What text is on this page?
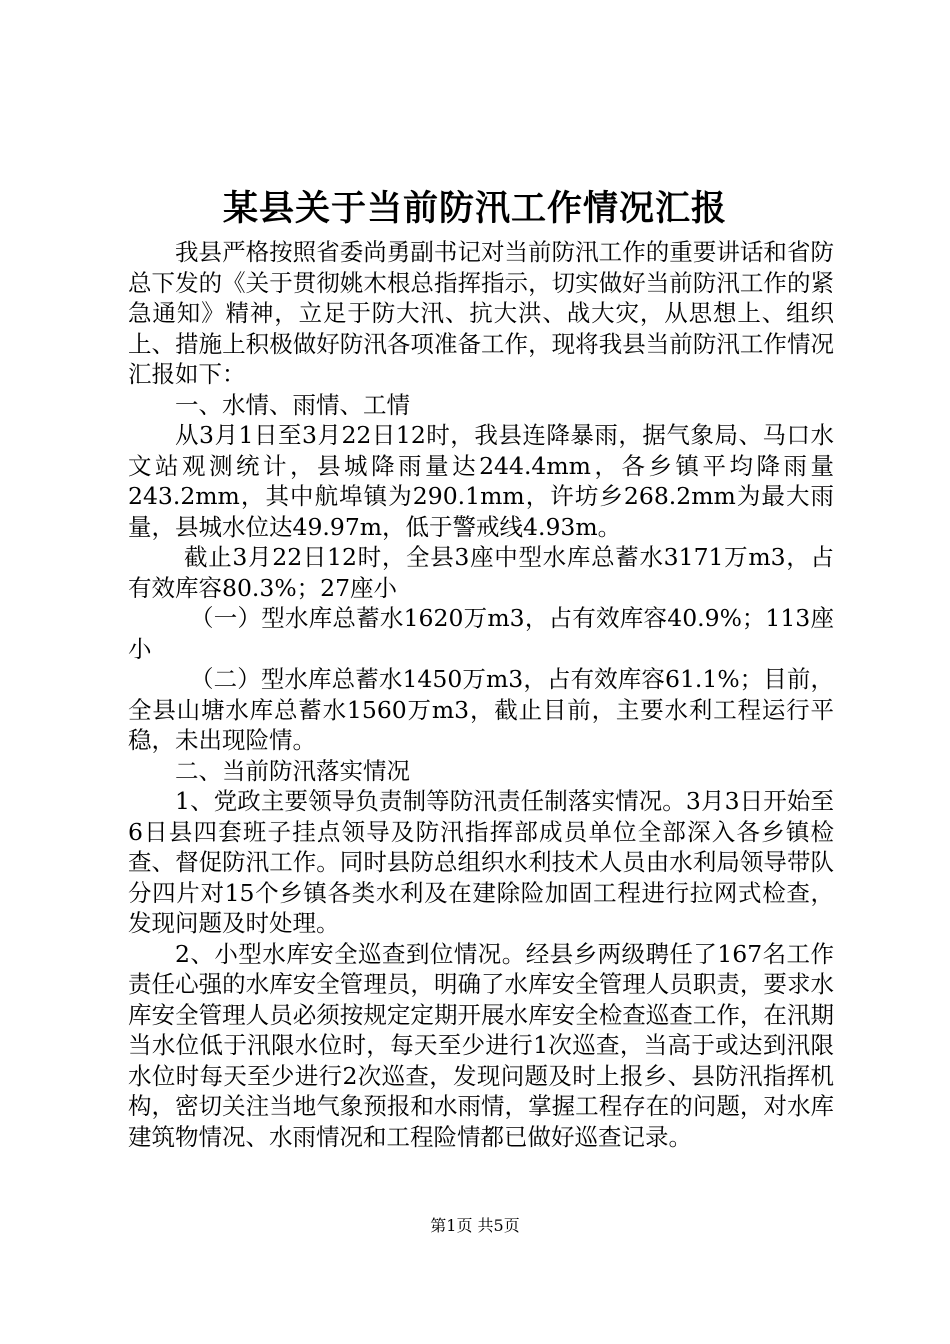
某县关于当前防汛工作情况汇报

我县严格按照省委尚勇副书记对当前防汛工作的重要讲话和省防总下发的《关于贯彻姚木根总指挥指示，切实做好当前防汛工作的紧急通知》精神，立足于防大汛、抗大洪、战大灾，从思想上、组织上、措施上积极做好防汛各项准备工作，现将我县当前防汛工作情况汇报如下：

一、水情、雨情、工情

从3月1日至3月22日12时，我县连降暴雨，据气象局、马口水文站观测统计，县城降雨量达244.4mm，各乡镇平均降雨量243.2mm，其中航埠镇为290.1mm，许坊乡268.2mm为最大雨量，县城水位达49.97m，低于警戒线4.93m。

截止3月22日12时，全县3座中型水库总蓄水3171万m3，占有效库容80.3%；27座小

（一）型水库总蓄水1620万m3，占有效库容40.9%；113座小

（二）型水库总蓄水1450万m3，占有效库容61.1%；目前，全县山塘水库总蓄水1560万m3，截止目前，主要水利工程运行平稳，未出现险情。

二、当前防汛落实情况

1、党政主要领导负责制等防汛责任制落实情况。3月3日开始至6日县四套班子挂点领导及防汛指挥部成员单位全部深入各乡镇检查、督促防汛工作。同时县防总组织水利技术人员由水利局领导带队分四片对15个乡镇各类水利及在建除险加固工程进行拉网式检查，发现问题及时处理。

2、小型水库安全巡查到位情况。经县乡两级聘任了167名工作责任心强的水库安全管理员，明确了水库安全管理人员职责，要求水库安全管理人员必须按规定定期开展水库安全检查巡查工作，在汛期当水位低于汛限水位时，每天至少进行1次巡查，当高于或达到汛限水位时每天至少进行2次巡查，发现问题及时上报乡、县防汛指挥机构，密切关注当地气象预报和水雨情，掌握工程存在的问题，对水库建筑物情况、水雨情况和工程险情都已做好巡查记录。

第1页 共5页
